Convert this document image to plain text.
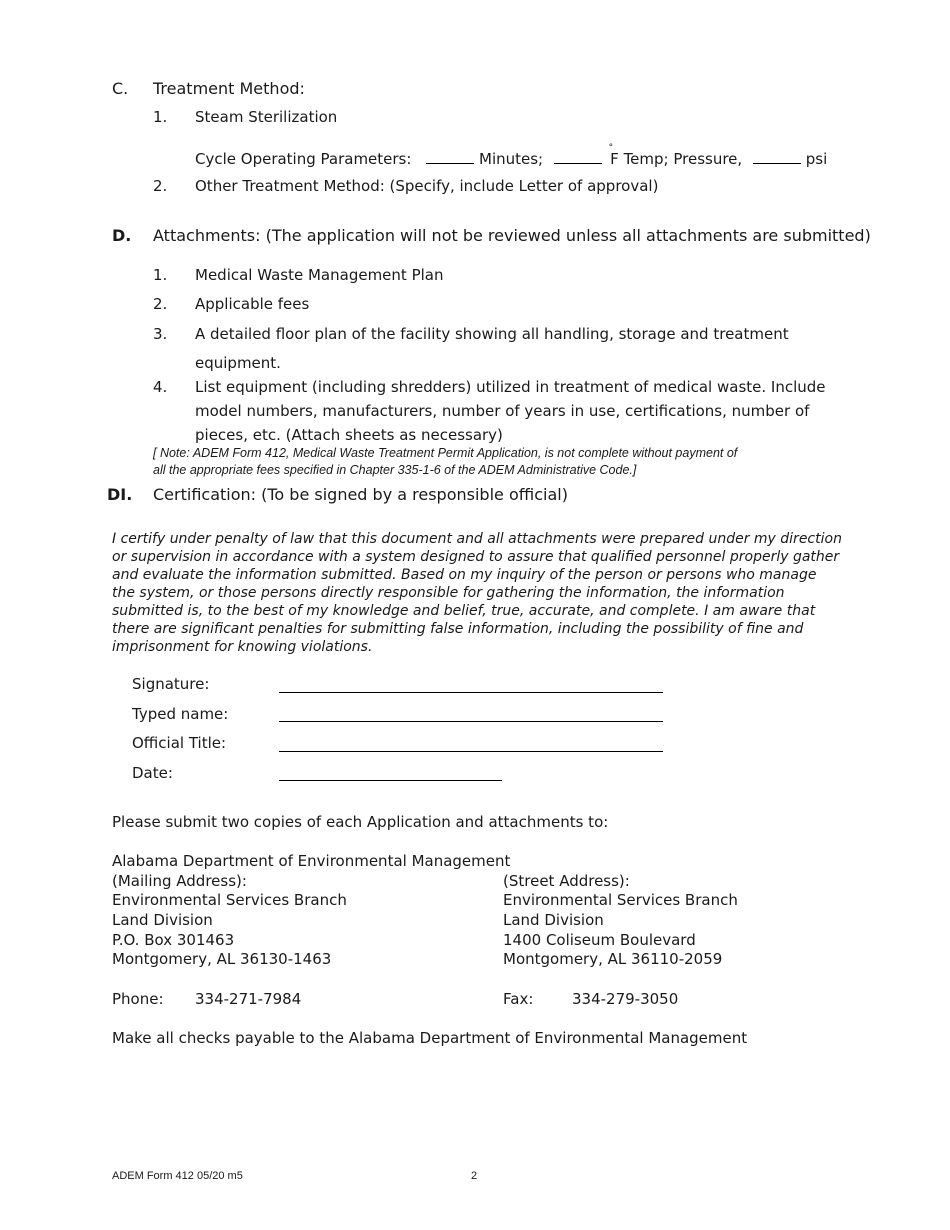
C. Treatment Method:
1. Steam Sterilization
Cycle Operating Parameters:	Minutes;  °F Temp; Pressure,	psi
2. Other Treatment Method: (Specify, include Letter of approval)
D. Attachments: (The application will not be reviewed unless all attachments are submitted)
1. Medical Waste Management Plan
2. Applicable fees
3. A detailed floor plan of the facility showing all handling, storage and treatment
equipment.
4. List equipment (including shredders) utilized in treatment of medical waste. Include
model numbers, manufacturers, number of years in use, certifications, number of
pieces, etc. (Attach sheets as necessary)
[ Note: ADEM Form 412, Medical Waste Treatment Permit Application, is not complete without payment of
all the appropriate fees specified in Chapter 335-1-6 of the ADEM Administrative Code.]
DI. Certification: (To be signed by a responsible official)
I certify under penalty of law that this document and all attachments were prepared under my direction or supervision in accordance with a system designed to assure that qualified personnel properly gather and evaluate the information submitted. Based on my inquiry of the person or persons who manage the system, or those persons directly responsible for gathering the information, the information submitted is, to the best of my knowledge and belief, true, accurate, and complete. I am aware that there are significant penalties for submitting false information, including the possibility of fine and imprisonment for knowing violations.
Signature:
Typed name:
Official Title:
Date:
Please submit two copies of each Application and attachments to:
Alabama Department of Environmental Management
(Mailing Address):
Environmental Services Branch
Land Division
P.O. Box 301463
Montgomery, AL 36130-1463
(Street Address):
Environmental Services Branch
Land Division
1400 Coliseum Boulevard
Montgomery, AL 36110-2059
Phone: 334-271-7984	Fax:	334-279-3050
Make all checks payable to the Alabama Department of Environmental Management
ADEM Form 412 05/20 m5	2
